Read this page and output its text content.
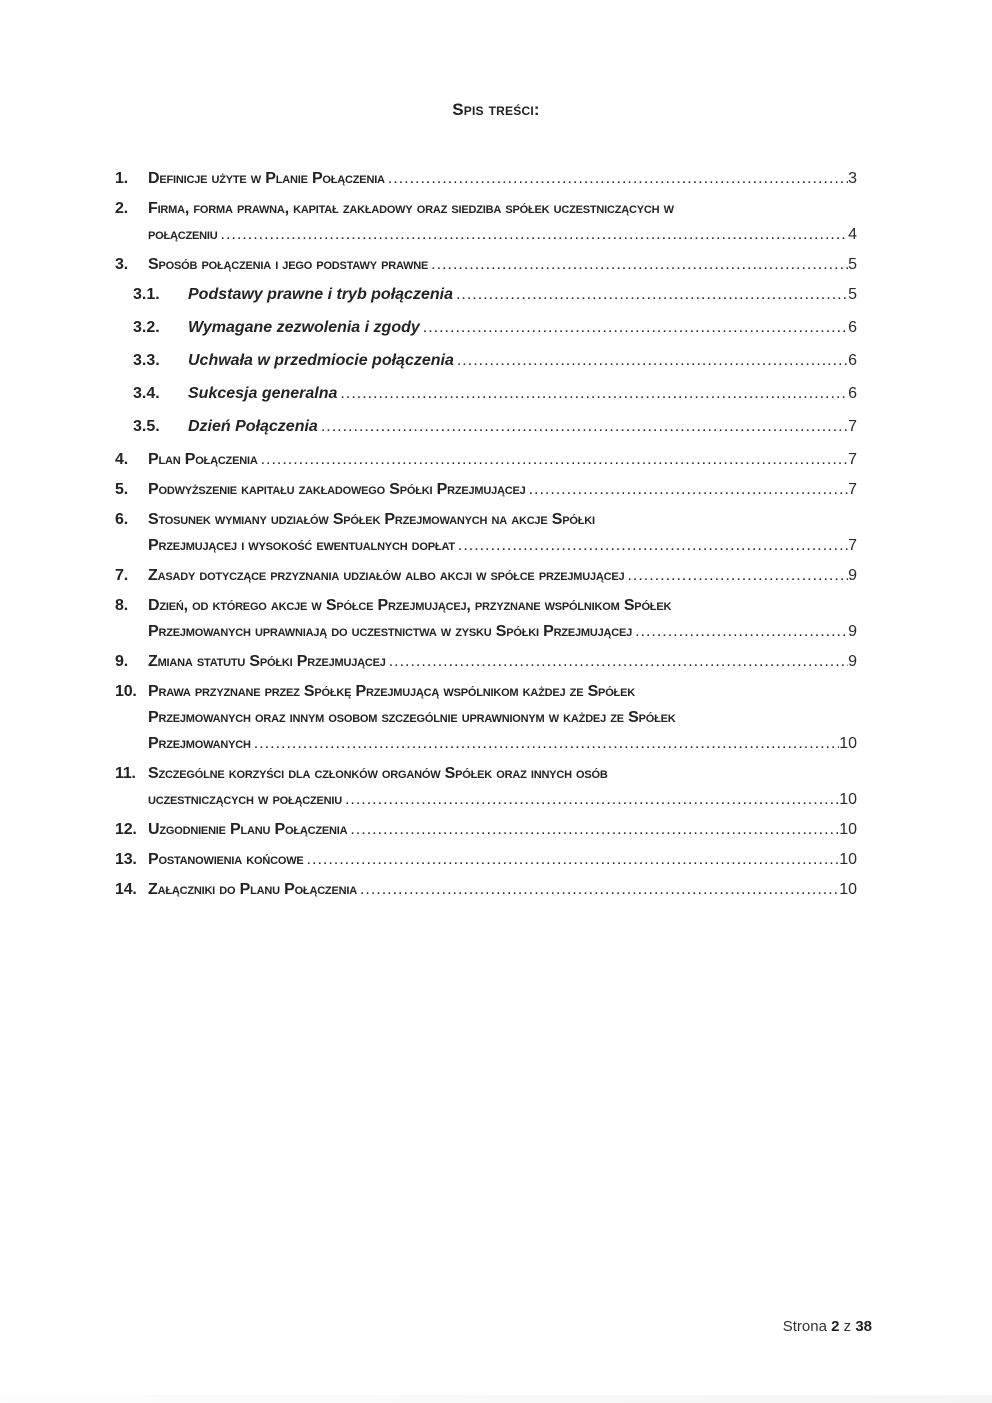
Spis treści:
1.	Definicje użyte w Planie Połączenia .....	3
2.	Firma, forma prawna, kapitał zakładowy oraz siedziba spółek uczestniczących w
połączeniu .....	4
3.	Sposób połączenia i jego podstawy prawne .....	5
3.1.	Podstawy prawne i tryb połączenia .....	5
3.2.	Wymagane zezwolenia i zgody .....	6
3.3.	Uchwała w przedmiocie połączenia .....	6
3.4.	Sukcesja generalna .....	6
3.5.	Dzień Połączenia .....	7
4.	Plan Połączenia .....	7
5.	Podwyższenie kapitału zakładowego Spółki Przejmującej .....	7
6.	Stosunek wymiany udziałów Spółek Przejmowanych na akcje Spółki
Przejmującej i wysokość ewentualnych dopłat .....	7
7.	Zasady dotyczące przyznania udziałów albo akcji w spółce przejmującej .....	9
8.	Dzień, od którego akcje w Spółce Przejmującej, przyznane wspólnikom Spółek
Przejmowanych uprawniają do uczestnictwa w zysku Spółki Przejmującej .....	9
9.	Zmiana statutu Spółki Przejmującej .....	9
10. Prawa przyznane przez Spółkę Przejmującą wspólnikom każdej ze Spółek
Przejmowanych oraz innym osobom szczególnie uprawnionym w każdej ze Spółek
Przejmowanych .....	10
11. Szczególne korzyści dla członków organów Spółek oraz innych osób
uczestniczących w połączeniu .....	10
12. Uzgodnienie Planu Połączenia .....	10
13. Postanowienia końcowe .....	10
14. Załączniki do Planu Połączenia .....	10
Strona 2 z 38
